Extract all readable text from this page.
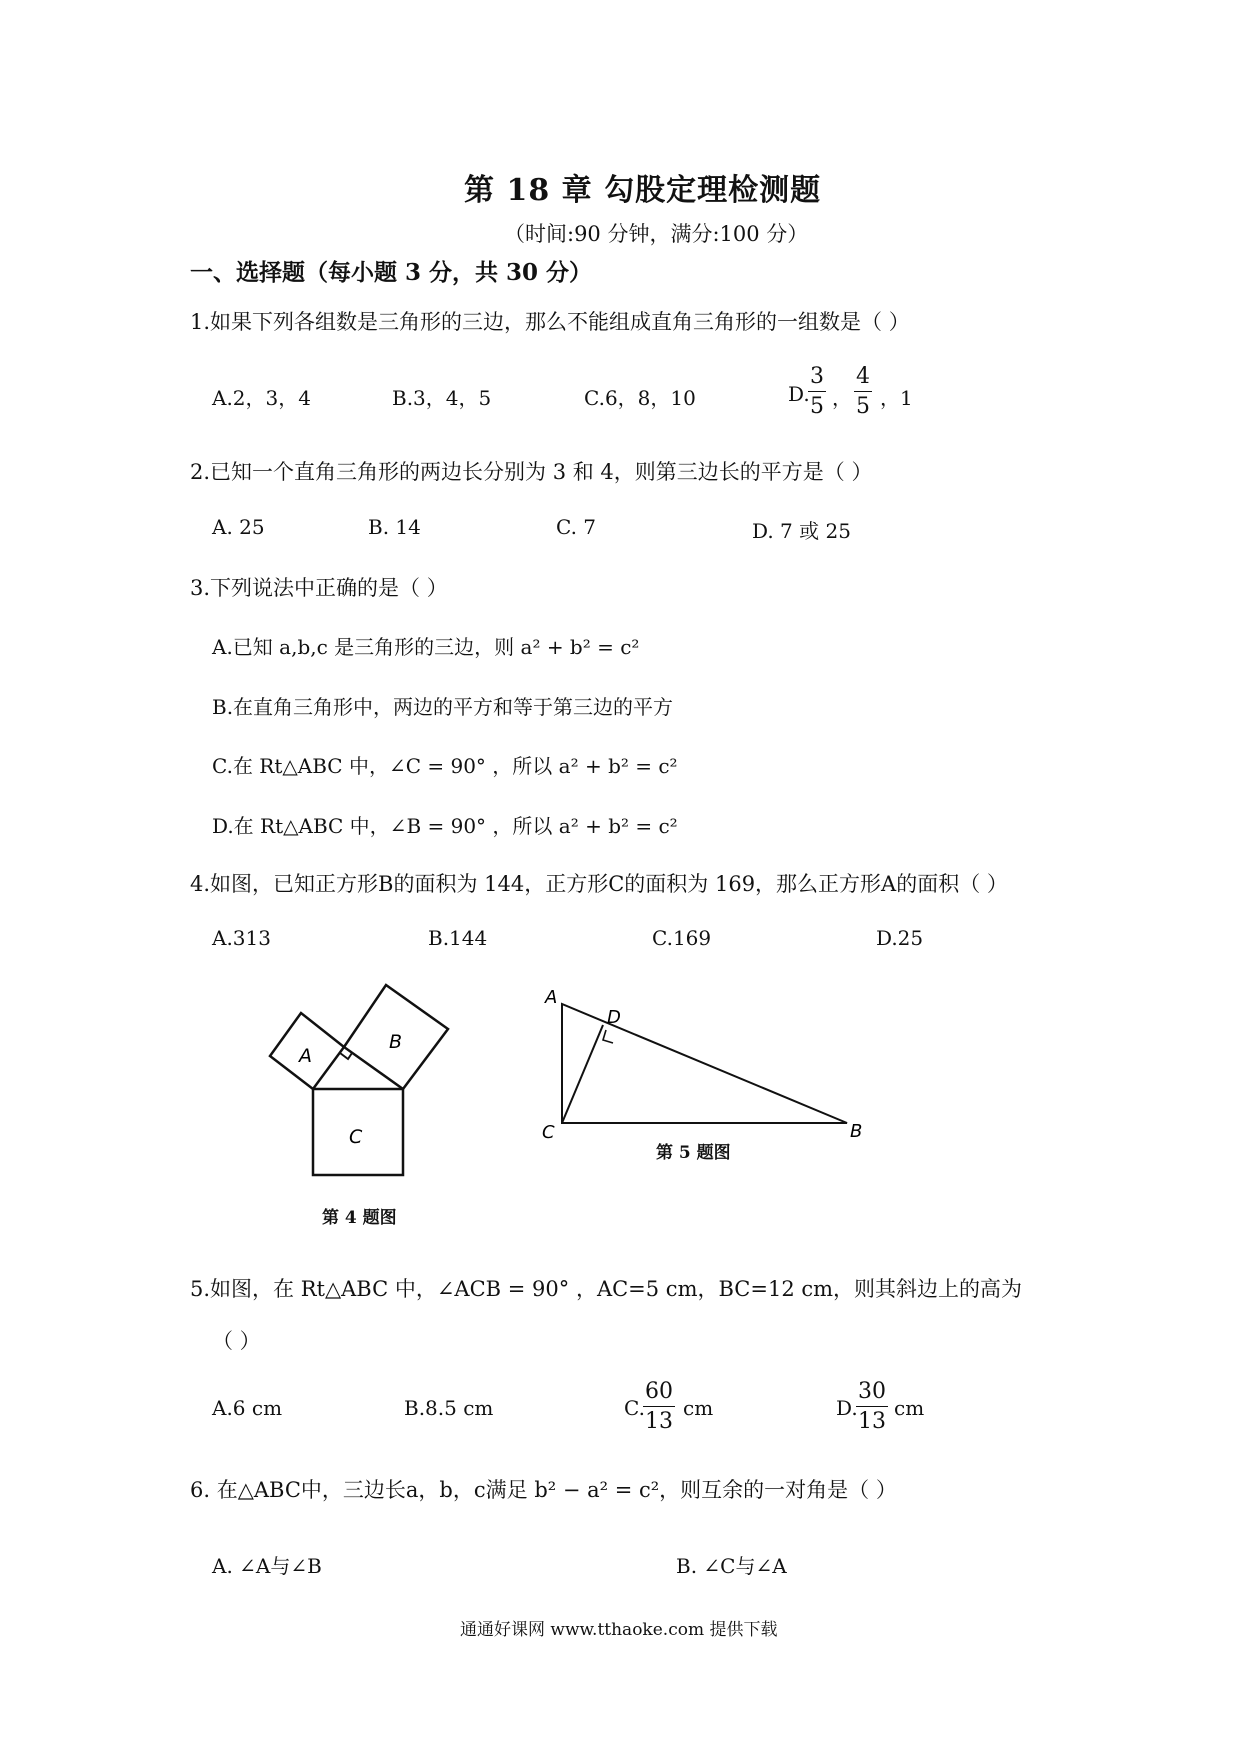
第 18 章 勾股定理检测题
（时间:90 分钟，满分:100 分）
一、选择题（每小题 3 分，共 30 分）
1.如果下列各组数是三角形的三边，那么不能组成直角三角形的一组数是（ ）
A.2，3，4	B.3，4，5	C.6，8，10	D.
$\frac{3}{5}$ ， $\frac{4}{5}$ ，1
2.已知一个直角三角形的两边长分别为 3 和 4，则第三边长的平方是（ ）
A. 25	B. 14	C. 7	D. 7 或 25
3.下列说法中正确的是（ ）
A.已知 a,b,c 是三角形的三边，则 a² + b² = c²
B.在直角三角形中，两边的平方和等于第三边的平方
C.在 Rt△ABC 中，∠C = 90° ，所以 a² + b² = c²
D.在 Rt△ABC 中，∠B = 90° ，所以 a² + b² = c²
4.如图，已知正方形B的面积为 144，正方形C的面积为 169，那么正方形A的面积（ ）
A.313	B.144	C.169	D.25
A
B
C
第 4 题图
A
D
C	B
第 5 题图
5.如图，在 Rt△ABC 中，∠ACB = 90° ，AC=5 cm，BC=12 cm，则其斜边上的高为
（ ）
A.6 cm	B.8.5 cm	C.
$\frac{60}{13}$ cm	D.
$\frac{30}{13}$ cm
6. 在△ABC中，三边长a，b，c满足 b² − a² = c²，则互余的一对角是（ ）
A. ∠A与∠B	B. ∠C与∠A
通通好课网 www.tthaoke.com 提供下载
